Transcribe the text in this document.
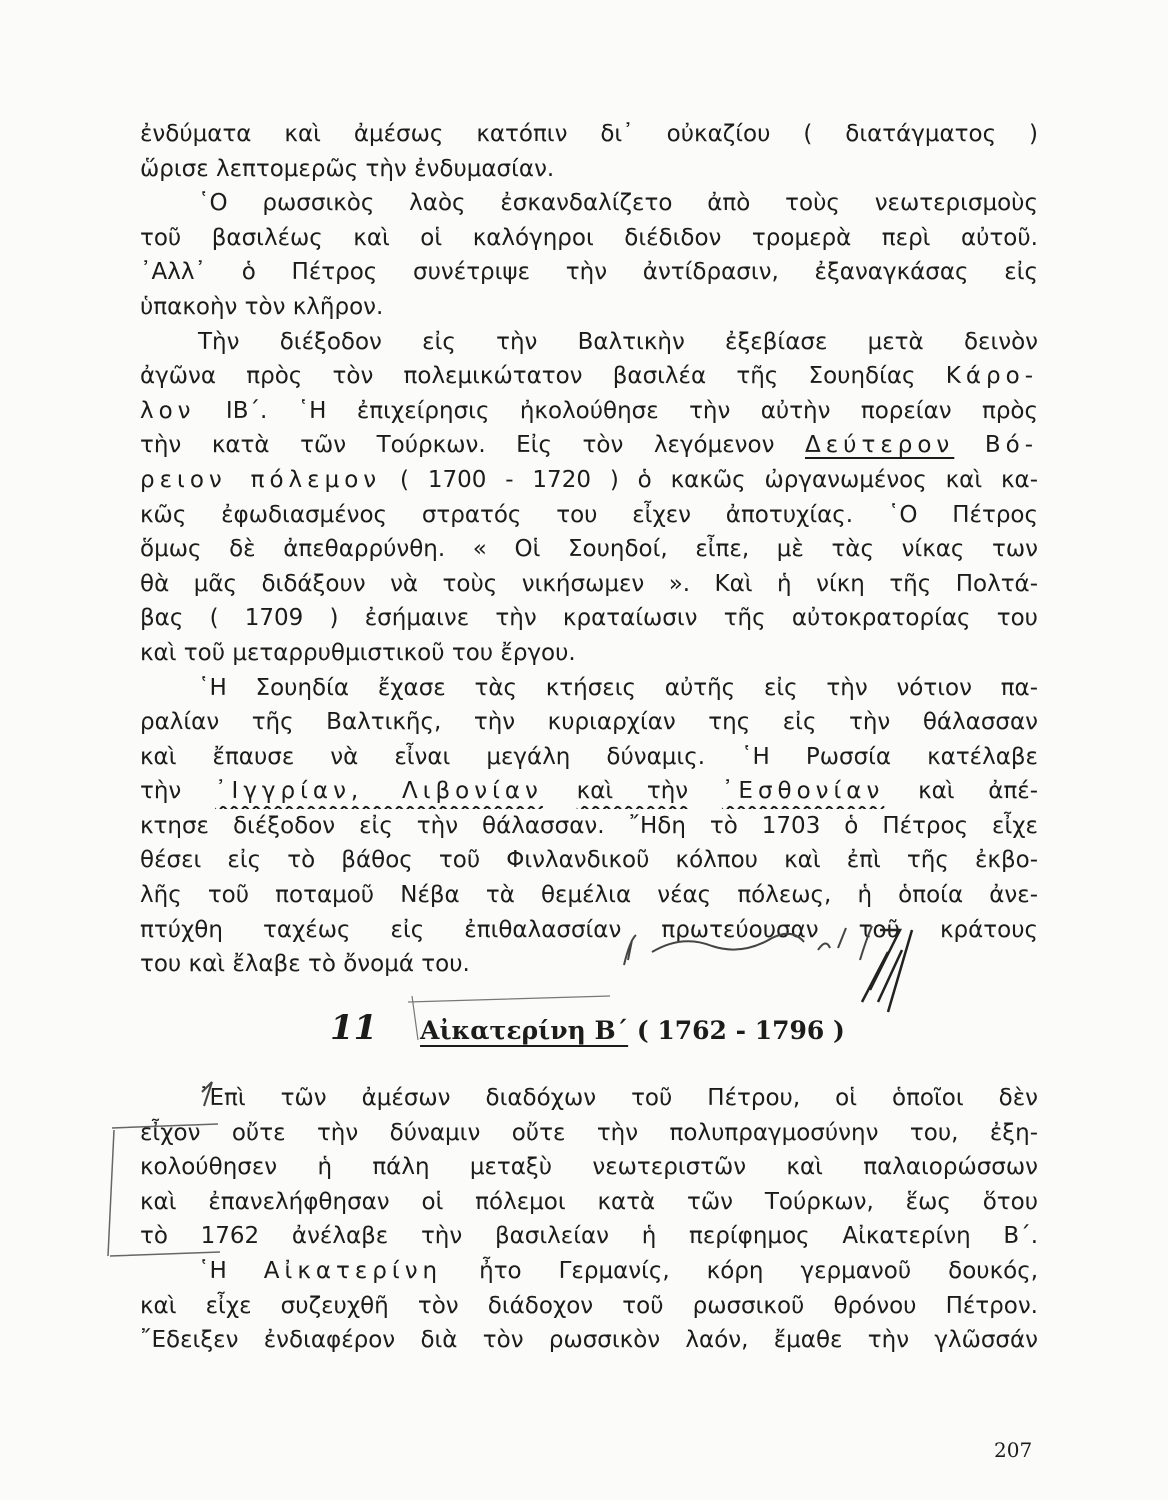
ἐνδύματα καὶ ἀμέσως κατόπιν δι᾽ οὐκαζίου ( διατάγματος )
ὥρισε λεπτομερῶς τὴν ἐνδυμασίαν.
῾Ο ρωσσικὸς λαὸς ἐσκανδαλίζετο ἀπὸ τοὺς νεωτερισμοὺς
τοῦ βασιλέως καὶ οἱ καλόγηροι διέδιδον τρομερὰ περὶ αὐτοῦ.
᾽Αλλ᾽ ὁ Πέτρος συνέτριψε τὴν ἀντίδρασιν, ἐξαναγκάσας εἰς
ὑπακοὴν τὸν κλῆρον.
Τὴν διέξοδον εἰς τὴν Βαλτικὴν ἐξεβίασε μετὰ δεινὸν
ἀγῶνα πρὸς τὸν πολεμικώτατον βασιλέα τῆς Σουηδίας Κάρο-
λον ΙΒ΄. ῾Η ἐπιχείρησις ἠκολούθησε τὴν αὐτὴν πορείαν πρὸς
τὴν κατὰ τῶν Τούρκων. Εἰς τὸν λεγόμενον Δεύτερον Βό-
ρειον πόλεμον ( 1700 - 1720 ) ὁ κακῶς ὠργανωμένος καὶ κα-
κῶς ἐφωδιασμένος στρατός του εἶχεν ἀποτυχίας. ῾Ο Πέτρος
ὅμως δὲ ἀπεθαρρύνθη. « Οἱ Σουηδοί, εἶπε, μὲ τὰς νίκας των
θὰ μᾶς διδάξουν νὰ τοὺς νικήσωμεν ». Καὶ ἡ νίκη τῆς Πολτά-
βας ( 1709 ) ἐσήμαινε τὴν κραταίωσιν τῆς αὐτοκρατορίας του
καὶ τοῦ μεταρρυθμιστικοῦ του ἔργου.
῾Η Σουηδία ἔχασε τὰς κτήσεις αὐτῆς εἰς τὴν νότιον πα-
ραλίαν τῆς Βαλτικῆς, τὴν κυριαρχίαν της εἰς τὴν θάλασσαν
καὶ ἔπαυσε νὰ εἶναι μεγάλη δύναμις. ῾Η Ρωσσία κατέλαβε
τὴν ᾽Ιγγρίαν, Λιβονίαν καὶ τὴν ᾽Εσθονίαν καὶ ἀπέ-
κτησε διέξοδον εἰς τὴν θάλασσαν. ῎Ηδη τὸ 1703 ὁ Πέτρος εἶχε
θέσει εἰς τὸ βάθος τοῦ Φινλανδικοῦ κόλπου καὶ ἐπὶ τῆς ἐκβο-
λῆς τοῦ ποταμοῦ Νέβα τὰ θεμέλια νέας πόλεως, ἡ ὁποία ἀνε-
πτύχθη ταχέως εἰς ἐπιθαλασσίαν πρωτεύουσαν τοῦ κράτους
του καὶ ἔλαβε τὸ ὄνομά του.
11 Αἰκατερίνη Β΄ ( 1762 - 1796 )
᾽Επὶ τῶν ἀμέσων διαδόχων τοῦ Πέτρου, οἱ ὁποῖοι δὲν
εἶχον οὔτε τὴν δύναμιν οὔτε τὴν πολυπραγμοσύνην του, ἐξη-
κολούθησεν ἡ πάλη μεταξὺ νεωτεριστῶν καὶ παλαιορώσσων
καὶ ἐπανελήφθησαν οἱ πόλεμοι κατὰ τῶν Τούρκων, ἕως ὅτου
τὸ 1762 ἀνέλαβε τὴν βασιλείαν ἡ περίφημος Αἰκατερίνη Β΄.
῾Η Αἰκατερίνη ἦτο Γερμανίς, κόρη γερμανοῦ δουκός,
καὶ εἶχε συζευχθῆ τὸν διάδοχον τοῦ ρωσσικοῦ θρόνου Πέτρον.
῎Εδειξεν ἐνδιαφέρον διὰ τὸν ρωσσικὸν λαόν, ἔμαθε τὴν γλῶσσάν
207
